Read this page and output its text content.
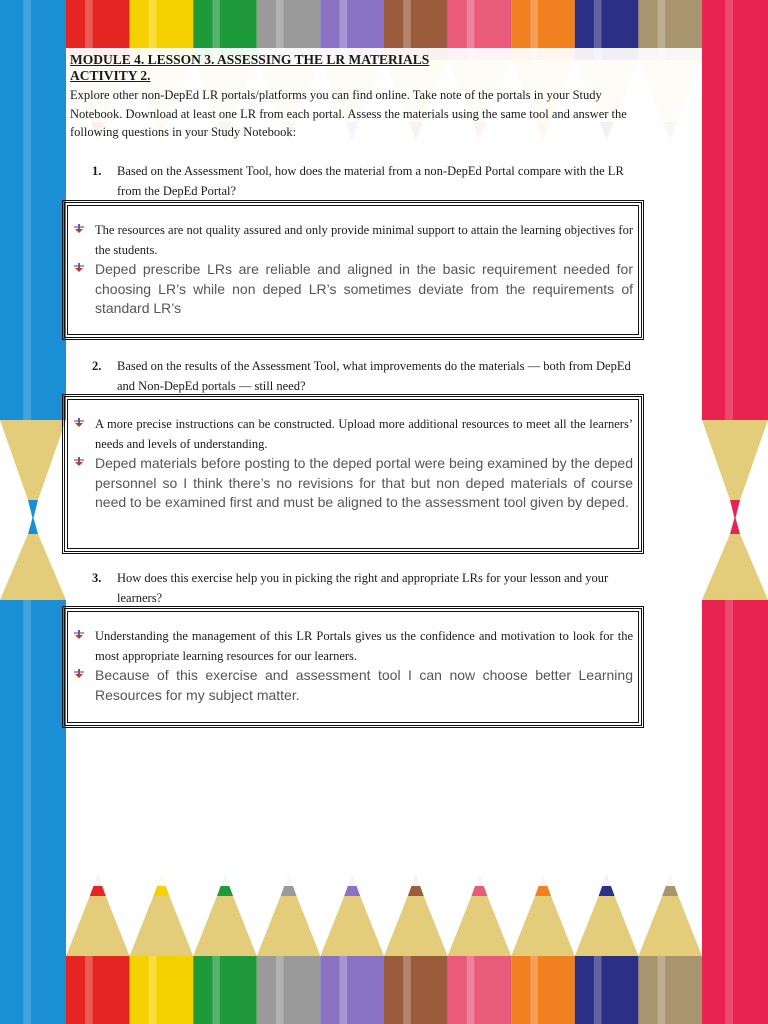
MODULE 4. LESSON 3. ASSESSING THE LR MATERIALS

ACTIVITY 2.

Explore other non-DepEd LR portals/platforms you can find online. Take note of the portals in your Study Notebook. Download at least one LR from each portal. Assess the materials using the same tool and answer the following questions in your Study Notebook:

1.	Based on the Assessment Tool, how does the material from a non-DepEd Portal compare with the LR from the DepEd Portal?

The resources are not quality assured and only provide minimal support to attain the learning objectives for the students.

Deped prescribe LRs are reliable and aligned in the basic requirement needed for choosing LR’s while non deped LR’s sometimes deviate from the requirements of standard LR’s

2.	Based on the results of the Assessment Tool, what improvements do the materials — both from DepEd and Non-DepEd portals — still need?

A more precise instructions can be constructed. Upload more additional resources to meet all the learners’ needs and levels of understanding.

Deped materials before posting to the deped portal were being examined by the deped personnel so I think there’s no revisions for that but non deped materials of course need to be examined first and must be aligned to the assessment tool given by deped.

3.	How does this exercise help you in picking the right and appropriate LRs for your lesson and your learners?

Understanding the management of this LR Portals gives us the confidence and motivation to look for the most appropriate learning resources for our learners.

Because of this exercise and assessment tool I can now choose better Learning Resources for my subject matter.
